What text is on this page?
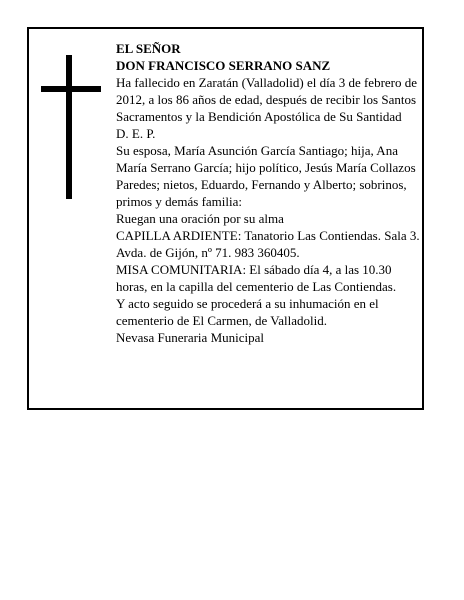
EL SEÑOR

DON FRANCISCO SERRANO SANZ

Ha fallecido en Zaratán (Valladolid) el día 3 de febrero de 2012, a los 86 años de edad, después de recibir los Santos Sacramentos y la Bendición Apostólica de Su Santidad

D. E. P.

Su esposa, María Asunción García Santiago; hija, Ana María Serrano García; hijo político, Jesús María Collazos Paredes; nietos, Eduardo, Fernando y Alberto; sobrinos, primos y demás familia:

Ruegan una oración por su alma

CAPILLA ARDIENTE: Tanatorio Las Contiendas. Sala 3. Avda. de Gijón, nº 71. 983 360405.

MISA COMUNITARIA: El sábado día 4, a las 10.30 horas, en la capilla del cementerio de Las Contiendas.

Y acto seguido se procederá a su inhumación en el cementerio de El Carmen, de Valladolid.

Nevasa Funeraria Municipal
